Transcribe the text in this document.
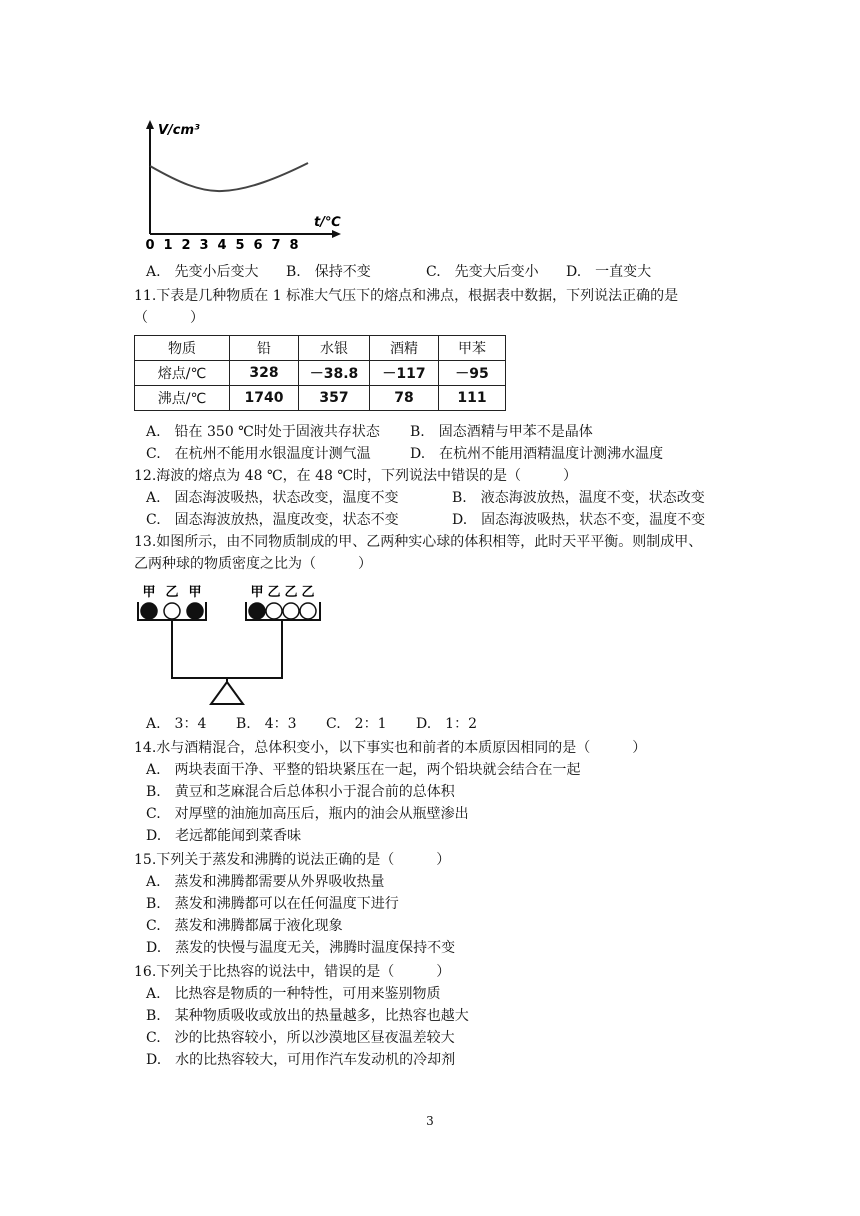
V/cm³
t/℃
0 1 2 3 4 5 6 7 8
A.　先变小后变大	B.　保持不变	C.　先变大后变小	D.　一直变大
11.下表是几种物质在 1 标准大气压下的熔点和沸点，根据表中数据，下列说法正确的是
（　　　）
物质	铅	水银	酒精	甲苯
熔点/℃	328	－38.8	－117	－95
沸点/℃	1740	357	78	111
A.　铅在 350 ℃时处于固液共存状态	B.　固态酒精与甲苯不是晶体
C.　在杭州不能用水银温度计测气温	D.　在杭州不能用酒精温度计测沸水温度
12.海波的熔点为 48 ℃，在 48 ℃时，下列说法中错误的是（　　　）
A.　固态海波吸热，状态改变，温度不变	B.　液态海波放热，温度不变，状态改变
C.　固态海波放热，温度改变，状态不变	D.　固态海波吸热，状态不变，温度不变
13.如图所示，由不同物质制成的甲、乙两种实心球的体积相等，此时天平平衡。则制成甲、
乙两种球的物质密度之比为（　　　）
甲 乙 甲	甲 乙 乙 乙
A.　3：4	B.　4：3	C.　2：1	D.　1：2
14.水与酒精混合，总体积变小，以下事实也和前者的本质原因相同的是（　　　）
A.　两块表面干净、平整的铅块紧压在一起，两个铅块就会结合在一起
B.　黄豆和芝麻混合后总体积小于混合前的总体积
C.　对厚壁的油施加高压后，瓶内的油会从瓶壁渗出
D.　老远都能闻到菜香味
15.下列关于蒸发和沸腾的说法正确的是（　　　）
A.　蒸发和沸腾都需要从外界吸收热量
B.　蒸发和沸腾都可以在任何温度下进行
C.　蒸发和沸腾都属于液化现象
D.　蒸发的快慢与温度无关，沸腾时温度保持不变
16.下列关于比热容的说法中，错误的是（　　　）
A.　比热容是物质的一种特性，可用来鉴别物质
B.　某种物质吸收或放出的热量越多，比热容也越大
C.　沙的比热容较小，所以沙漠地区昼夜温差较大
D.　水的比热容较大，可用作汽车发动机的冷却剂
3
